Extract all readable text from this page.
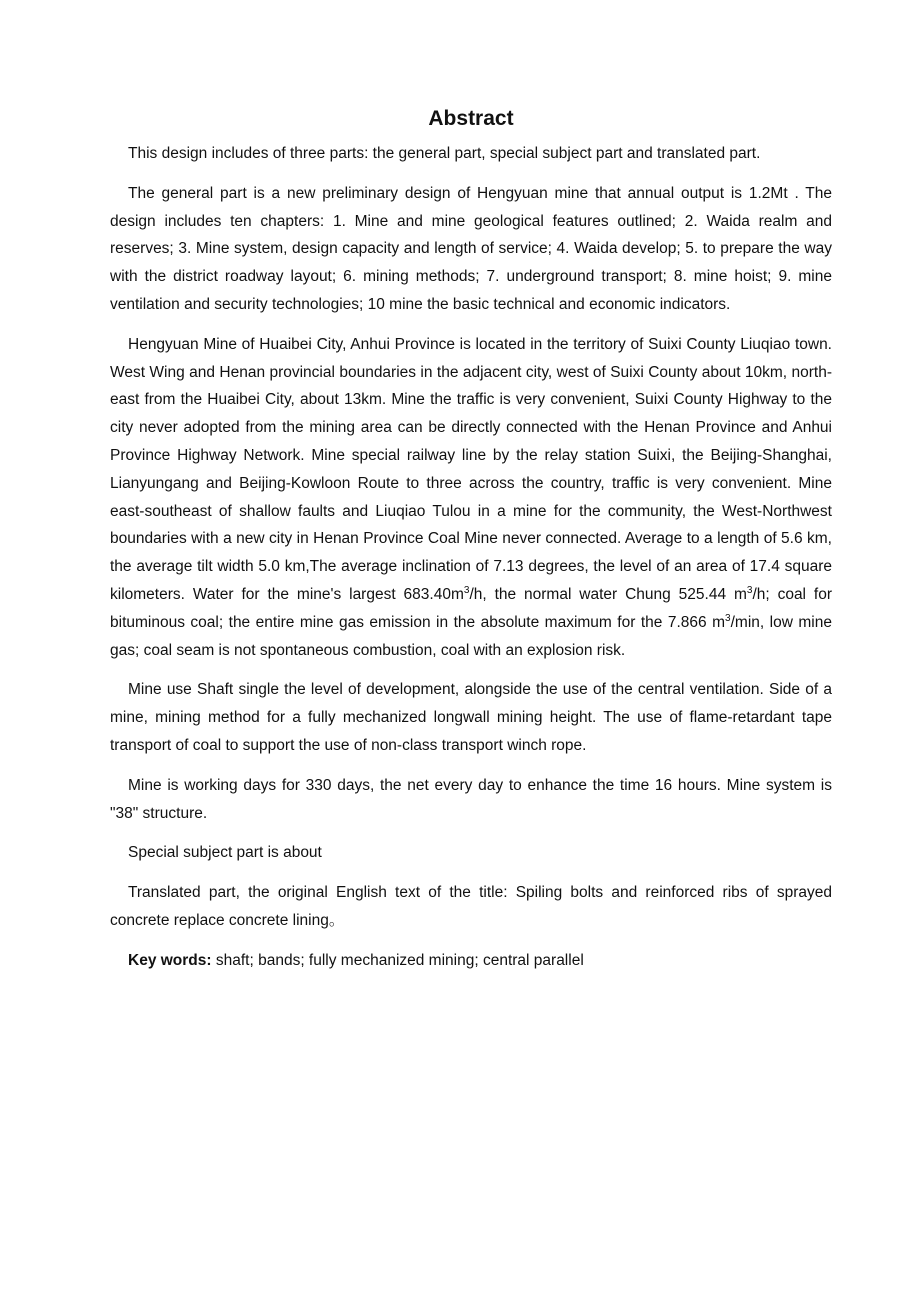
Abstract

This design includes of three parts: the general part, special subject part and translated part.

The general part is a new preliminary design of Hengyuan mine that annual output is 1.2Mt . The design includes ten chapters: 1. Mine and mine geological features outlined; 2. Waida realm and reserves; 3. Mine system, design capacity and length of service; 4. Waida develop; 5. to prepare the way with the district roadway layout; 6. mining methods; 7. underground transport; 8. mine hoist; 9. mine ventilation and security technologies; 10 mine the basic technical and economic indicators.

Hengyuan Mine of Huaibei City, Anhui Province is located in the territory of Suixi County Liuqiao town. West Wing and Henan provincial boundaries in the adjacent city, west of Suixi County about 10km, north-east from the Huaibei City, about 13km. Mine the traffic is very convenient, Suixi County Highway to the city never adopted from the mining area can be directly connected with the Henan Province and Anhui Province Highway Network. Mine special railway line by the relay station Suixi, the Beijing-Shanghai, Lianyungang and Beijing-Kowloon Route to three across the country, traffic is very convenient. Mine east-southeast of shallow faults and Liuqiao Tulou in a mine for the community, the West-Northwest boundaries with a new city in Henan Province Coal Mine never connected. Average to a length of 5.6 km, the average tilt width 5.0 km,The average inclination of 7.13 degrees, the level of an area of 17.4 square kilometers. Water for the mine's largest $683.40m^3/h$, the normal water Chung 525.44 $m^3/h$; coal for bituminous coal; the entire mine gas emission in the absolute maximum for the 7.866 $m^3/\min$, low mine gas; coal seam is not spontaneous combustion, coal with an explosion risk.

Mine use Shaft single the level of development, alongside the use of the central ventilation. Side of a mine, mining method for a fully mechanized longwall mining height. The use of flame-retardant tape transport of coal to support the use of non-class transport winch rope.

Mine is working days for 330 days, the net every day to enhance the time 16 hours. Mine system is "38" structure.

Special subject part is about

Translated part, the original English text of the title: Spiling bolts and reinforced ribs of sprayed concrete replace concrete lining。

Key words: shaft; bands; fully mechanized mining; central parallel
